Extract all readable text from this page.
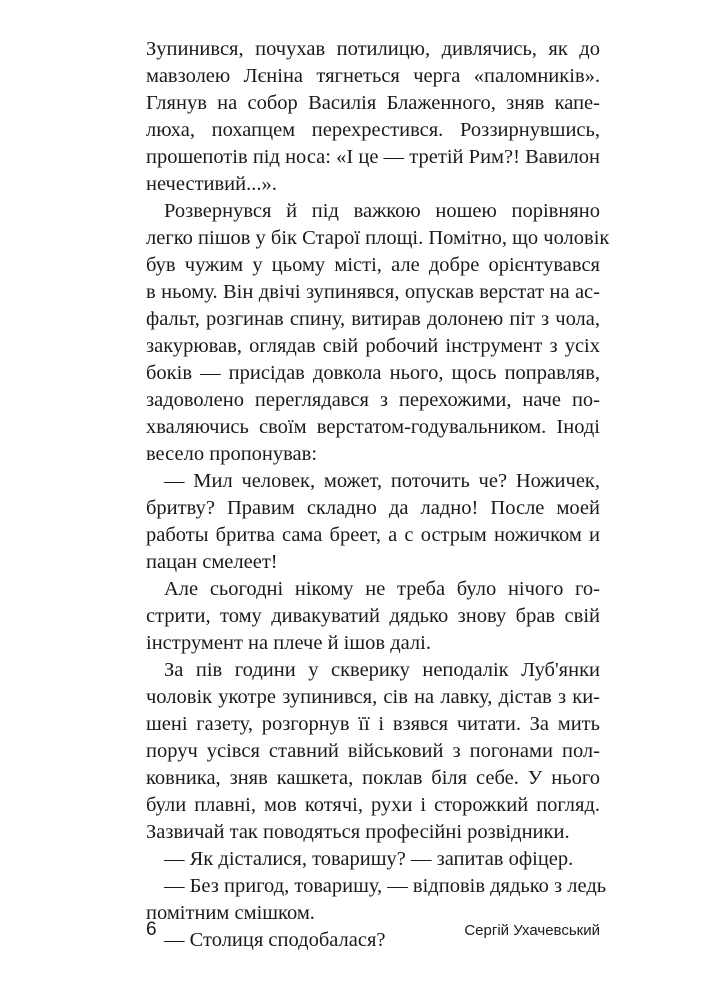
Зупинився, почухав потилицю, дивлячись, як до
мавзолею Лєніна тягнеться черга «паломників».
Глянув на собор Василія Блаженного, зняв капе-
люха, похапцем перехрестився. Роззирнувшись,
прошепотів під носа: «І це — третій Рим?! Вавилон
нечестивий...».
Розвернувся й під важкою ношею порівняно
легко пішов у бік Старої площі. Помітно, що чоловік
був чужим у цьому місті, але добре орієнтувався
в ньому. Він двічі зупинявся, опускав верстат на ас-
фальт, розгинав спину, витирав долонею піт з чола,
закурював, оглядав свій робочий інструмент з усіх
боків — присідав довкола нього, щось поправляв,
задоволено переглядався з перехожими, наче по-
хваляючись своїм верстатом-годувальником. Іноді
весело пропонував:
— Мил человек, может, поточить че? Ножичек,
бритву? Правим складно да ладно! После моей
работы бритва сама бреет, а с острым ножичком и
пацан смелеет!
Але сьогодні нікому не треба було нічого го-
стрити, тому дивакуватий дядько знову брав свій
інструмент на плече й ішов далі.
За пів години у скверику неподалік Луб'янки
чоловік укотре зупинився, сів на лавку, дістав з ки-
шені газету, розгорнув її і взявся читати. За мить
поруч усівся ставний військовий з погонами пол-
ковника, зняв кашкета, поклав біля себе. У нього
були плавні, мов котячі, рухи і сторожкий погляд.
Зазвичай так поводяться професійні розвідники.
— Як дісталися, товаришу? — запитав офіцер.
— Без пригод, товаришу, — відповів дядько з ледь
помітним смішком.
— Столиця сподобалася?
6	Сергій Ухачевський
